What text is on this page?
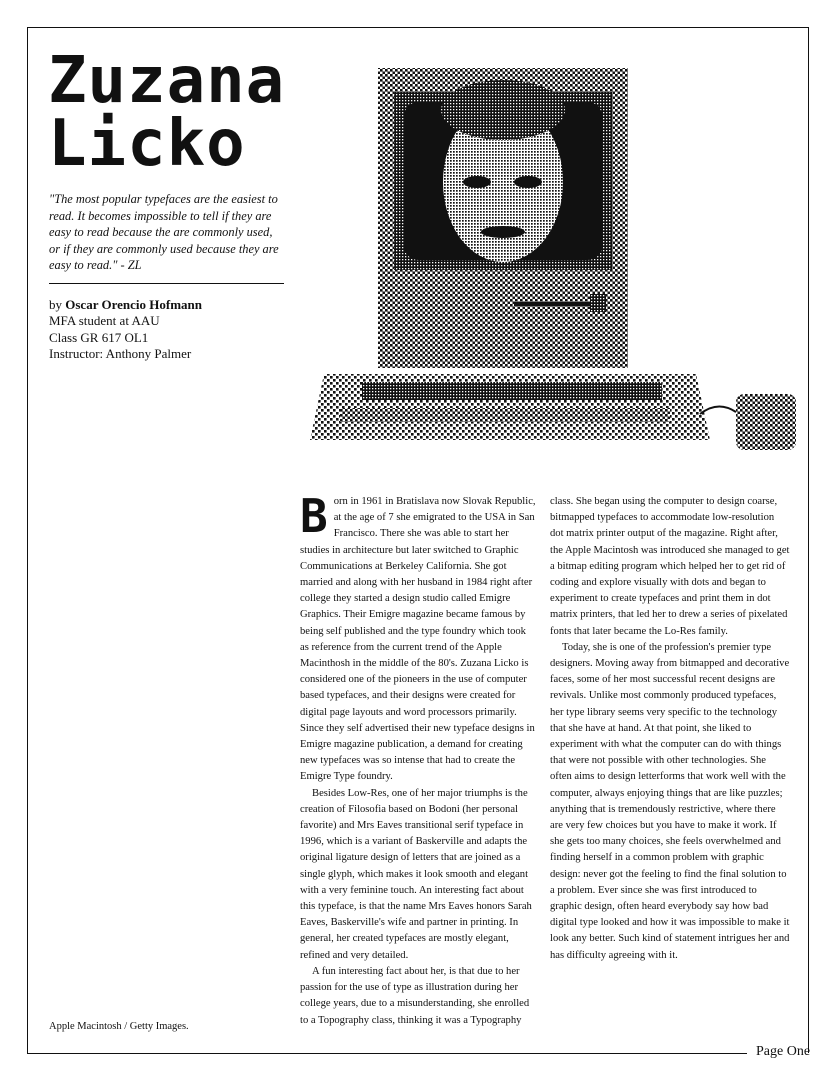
Page One
Zuzana
Licko

"The most popular typefaces are the easiest to read. It becomes impossible to tell if they are easy to read because the are commonly used, or if they are commonly used because they are easy to read." - ZL

by Oscar Orencio Hofmann
MFA student at AAU
Class GR 617 OL1
Instructor: Anthony Palmer
Apple Macintosh / Getty Images.

Born in 1961 in Bratislava now Slovak Republic, at the age of 7 she emigrated to the USA in San Francisco. There she was able to start her studies in architecture but later switched to Graphic Communications at Berkeley California. She got married and along with her husband in 1984 right after college they started a design studio called Emigre Graphics. Their Emigre magazine became famous by being self published and the type foundry which took as reference from the current trend of the Apple Macinthosh in the middle of the 80's. Zuzana Licko is considered one of the pioneers in the use of computer based typefaces, and their designs were created for digital page layouts and word processors primarily. Since they self advertised their new typeface designs in Emigre magazine publication, a demand for creating new typefaces was so intense that had to create the Emigre Type foundry.

Besides Low-Res, one of her major triumphs is the creation of Filosofia based on Bodoni (her personal favorite) and Mrs Eaves transitional serif typeface in 1996, which is a variant of Baskerville and adapts the original ligature design of letters that are joined as a single glyph, which makes it look smooth and elegant with a very feminine touch. An interesting fact about this typeface, is that the name Mrs Eaves honors Sarah Eaves, Baskerville's wife and partner in printing. In general, her created typefaces are mostly elegant, refined and very detailed.

A fun interesting fact about her, is that due to her passion for the use of type as illustration during her college years, due to a misunderstanding, she enrolled to a Topography class, thinking it was a Typography

class. She began using the computer to design coarse, bitmapped typefaces to accommodate low-resolution dot matrix printer output of the magazine. Right after, the Apple Macintosh was introduced she managed to get a bitmap editing program which helped her to get rid of coding and explore visually with dots and began to experiment to create typefaces and print them in dot matrix printers, that led her to drew a series of pixelated fonts that later became the Lo-Res family.

Today, she is one of the profession's premier type designers. Moving away from bitmapped and decorative faces, some of her most successful recent designs are revivals. Unlike most commonly produced typefaces, her type library seems very specific to the technology that she have at hand. At that point, she liked to experiment with what the computer can do with things that were not possible with other technologies. She often aims to design letterforms that work well with the computer, always enjoying things that are like puzzles; anything that is tremendously restrictive, where there are very few choices but you have to make it work. If she gets too many choices, she feels overwhelmed and finding herself in a common problem with graphic design: never got the feeling to find the final solution to a problem. Ever since she was first introduced to graphic design, often heard everybody say how bad digital type looked and how it was impossible to make it look any better. Such kind of statement intrigues her and has difficulty agreeing with it.
